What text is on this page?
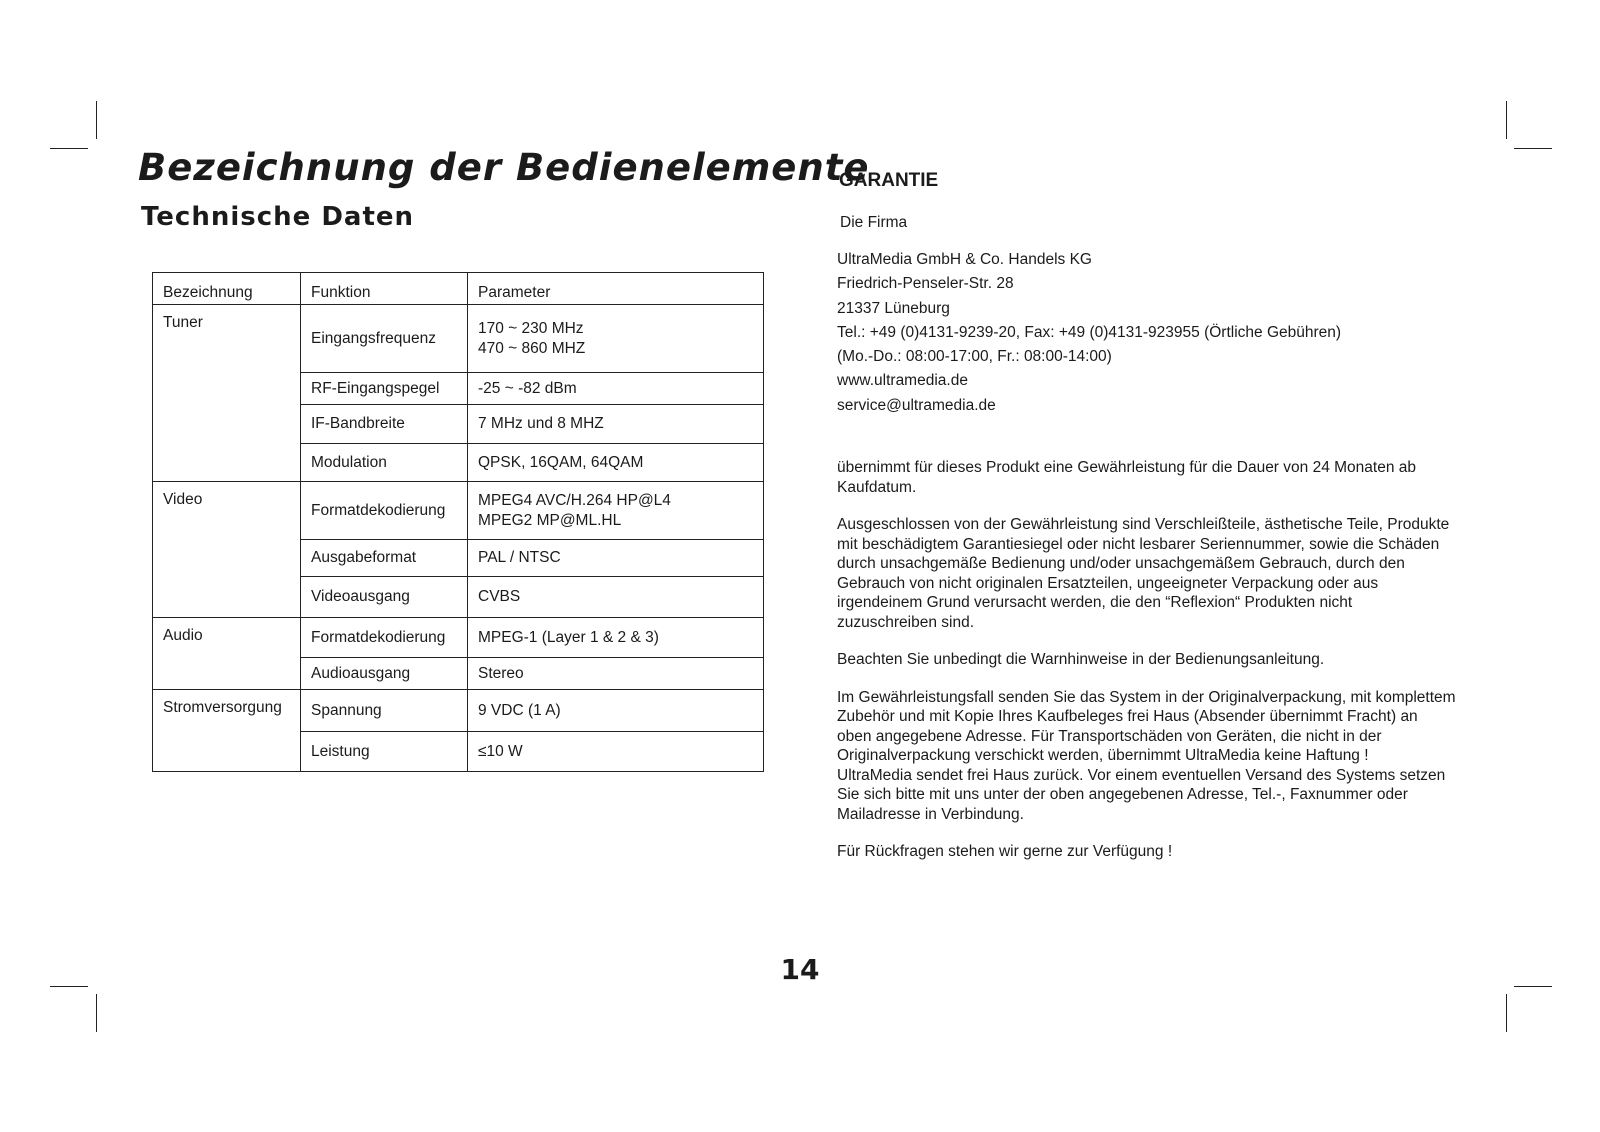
Bezeichnung der Bedienelemente
Technische Daten
Bezeichnung	Funktion	Parameter
Tuner	Eingangsfrequenz	170 ~ 230 MHz
470 ~ 860 MHZ

	RF-Eingangspegel	-25 ~ -82 dBm

	IF-Bandbreite	7 MHz und 8 MHZ

	Modulation	QPSK, 16QAM, 64QAM

Video	Formatdekodierung	MPEG4 AVC/H.264 HP@L4
MPEG2 MP@ML.HL

	Ausgabeformat	PAL / NTSC

	Videoausgang	CVBS

Audio	Formatdekodierung	MPEG-1 (Layer 1 & 2 & 3)

	Audioausgang	Stereo

Stromversorgung	Spannung	9 VDC (1 A)

	Leistung	≤10 W
GARANTIE
Die Firma
UltraMedia GmbH & Co. Handels KG
Friedrich-Penseler-Str. 28
21337 Lüneburg
Tel.: +49 (0)4131-9239-20, Fax: +49 (0)4131-923955 (Örtliche Gebühren)
(Mo.-Do.: 08:00-17:00, Fr.: 08:00-14:00)
www.ultramedia.de
service@ultramedia.de

übernimmt für dieses Produkt eine Gewährleistung für die Dauer von 24 Monaten ab
Kaufdatum.

Ausgeschlossen von der Gewährleistung sind Verschleißteile, ästhetische Teile, Produkte
mit beschädigtem Garantiesiegel oder nicht lesbarer Seriennummer, sowie die Schäden
durch unsachgemäße Bedienung und/oder unsachgemäßem Gebrauch, durch den
Gebrauch von nicht originalen Ersatzteilen, ungeeigneter Verpackung oder aus
irgendeinem Grund verursacht werden, die den “Reflexion“ Produkten nicht
zuzuschreiben sind.

Beachten Sie unbedingt die Warnhinweise in der Bedienungsanleitung.

Im Gewährleistungsfall senden Sie das System in der Originalverpackung, mit komplettem
Zubehör und mit Kopie Ihres Kaufbeleges frei Haus (Absender übernimmt Fracht) an
oben angegebene Adresse. Für Transportschäden von Geräten, die nicht in der
Originalverpackung verschickt werden, übernimmt UltraMedia keine Haftung !
UltraMedia sendet frei Haus zurück. Vor einem eventuellen Versand des Systems setzen
Sie sich bitte mit uns unter der oben angegebenen Adresse, Tel.-, Faxnummer oder
Mailadresse in Verbindung.

Für Rückfragen stehen wir gerne zur Verfügung !

14
